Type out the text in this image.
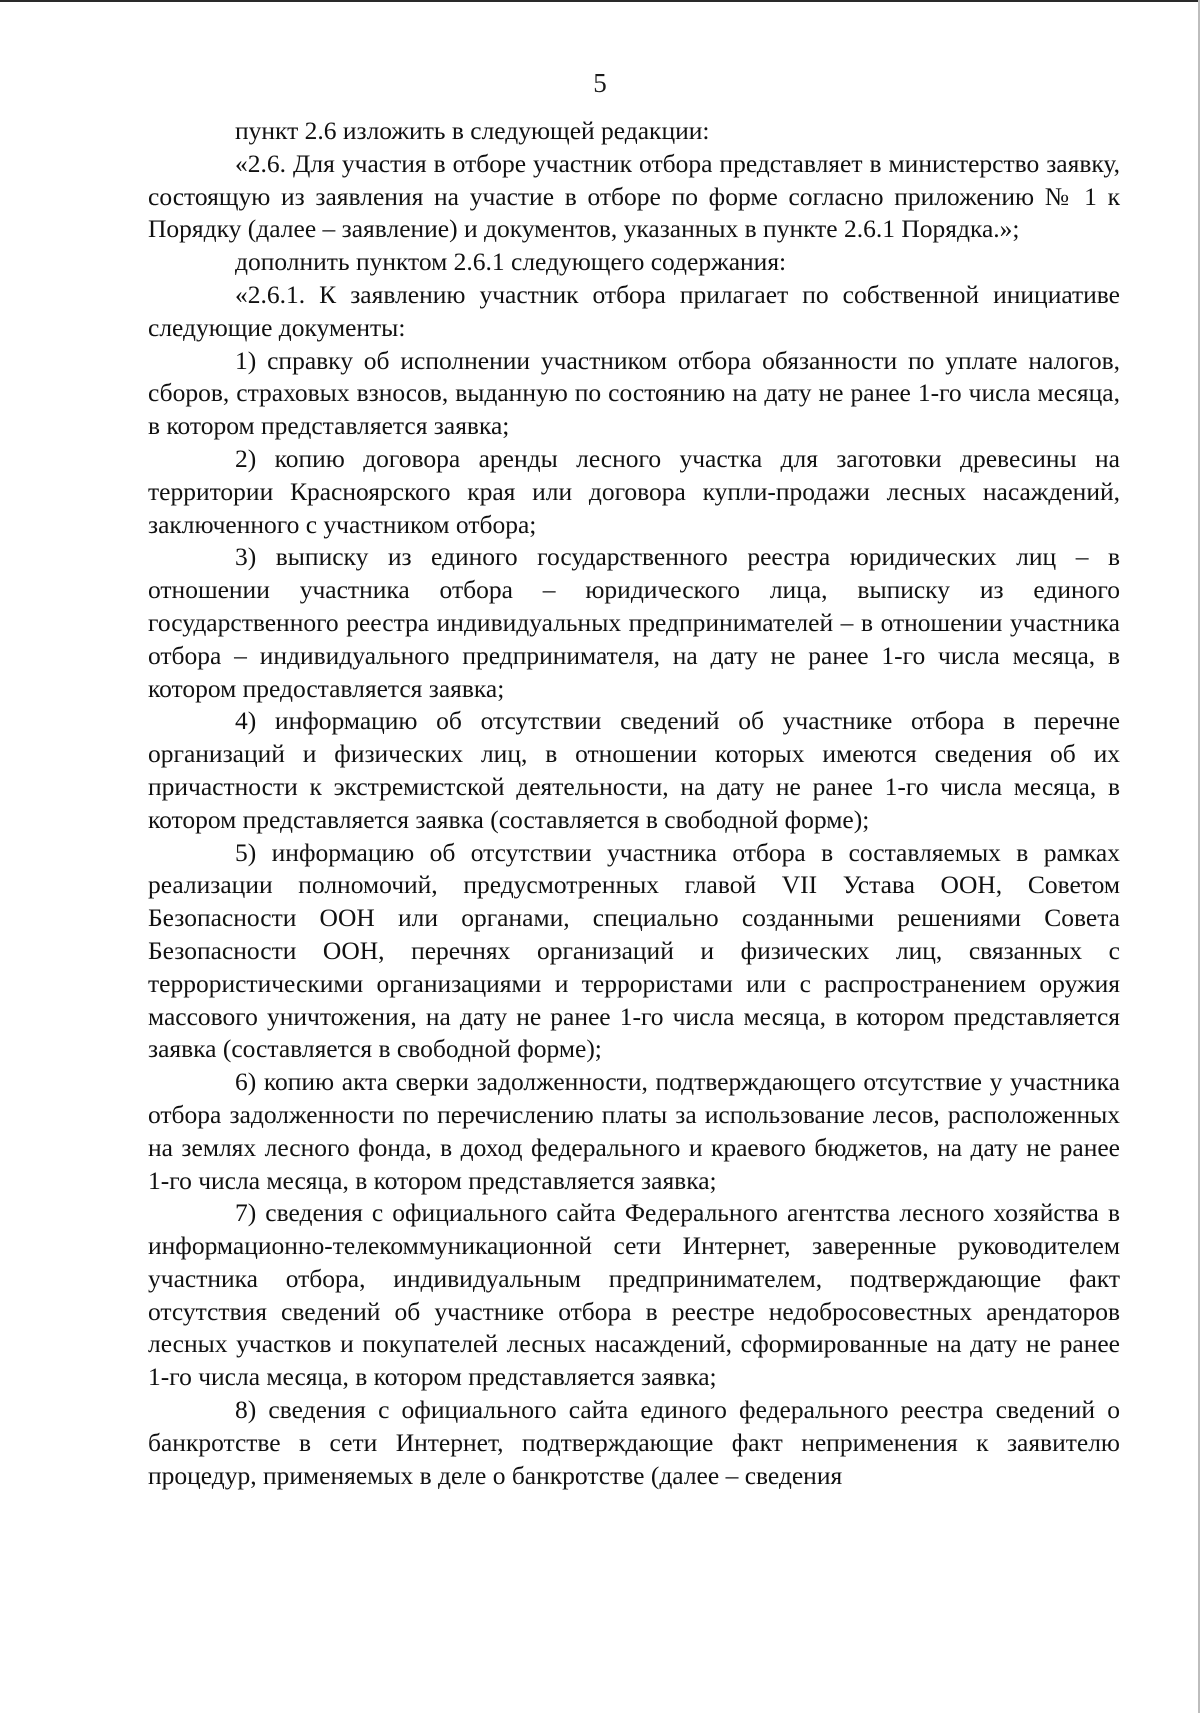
5

пункт 2.6 изложить в следующей редакции:

«2.6. Для участия в отборе участник отбора представляет в министерство заявку, состоящую из заявления на участие в отборе по форме согласно приложению № 1 к Порядку (далее – заявление) и документов, указанных в пункте 2.6.1 Порядка.»;

дополнить пунктом 2.6.1 следующего содержания:

«2.6.1. К заявлению участник отбора прилагает по собственной инициативе следующие документы:

1) справку об исполнении участником отбора обязанности по уплате налогов, сборов, страховых взносов, выданную по состоянию на дату не ранее 1-го числа месяца, в котором представляется заявка;

2) копию договора аренды лесного участка для заготовки древесины на территории Красноярского края или договора купли-продажи лесных насаждений, заключенного с участником отбора;

3) выписку из единого государственного реестра юридических лиц – в отношении участника отбора – юридического лица, выписку из единого государственного реестра индивидуальных предпринимателей – в отношении участника отбора – индивидуального предпринимателя, на дату не ранее 1-го числа месяца, в котором предоставляется заявка;

4) информацию об отсутствии сведений об участнике отбора в перечне организаций и физических лиц, в отношении которых имеются сведения об их причастности к экстремистской деятельности, на дату не ранее 1-го числа месяца, в котором представляется заявка (составляется в свободной форме);

5) информацию об отсутствии участника отбора в составляемых в рамках реализации полномочий, предусмотренных главой VII Устава ООН, Советом Безопасности ООН или органами, специально созданными решениями Совета Безопасности ООН, перечнях организаций и физических лиц, связанных с террористическими организациями и террористами или с распространением оружия массового уничтожения, на дату не ранее 1-го числа месяца, в котором представляется заявка (составляется в свободной форме);

6) копию акта сверки задолженности, подтверждающего отсутствие у участника отбора задолженности по перечислению платы за использование лесов, расположенных на землях лесного фонда, в доход федерального и краевого бюджетов, на дату не ранее 1-го числа месяца, в котором представляется заявка;

7) сведения с официального сайта Федерального агентства лесного хозяйства в информационно-телекоммуникационной сети Интернет, заверенные руководителем участника отбора, индивидуальным предпринимателем, подтверждающие факт отсутствия сведений об участнике отбора в реестре недобросовестных арендаторов лесных участков и покупателей лесных насаждений, сформированные на дату не ранее 1-го числа месяца, в котором представляется заявка;

8) сведения с официального сайта единого федерального реестра сведений о банкротстве в сети Интернет, подтверждающие факт неприменения к заявителю процедур, применяемых в деле о банкротстве (далее – сведения
